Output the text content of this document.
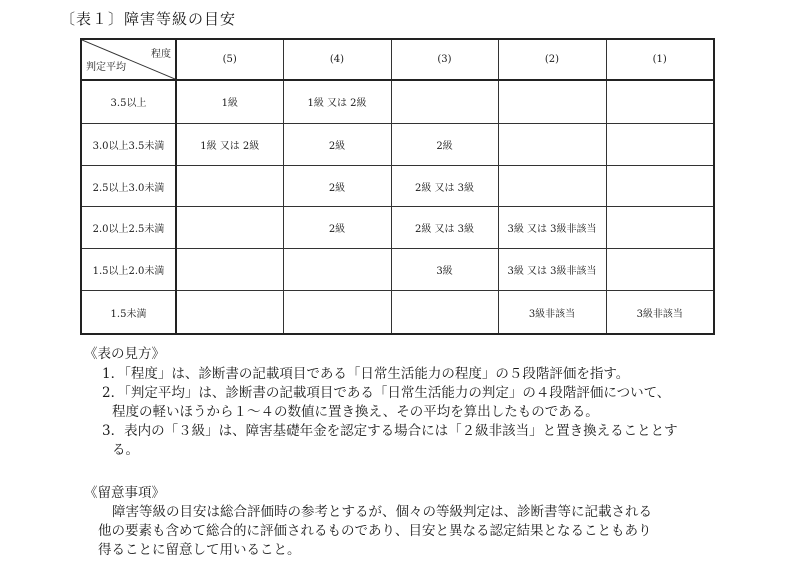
〔表１〕障害等級の目安
程度
判定平均	(5)	(4)	(3)	(2)	(1)
3.5以上	1級	1級 又は 2級			
3.0以上3.5未満	1級 又は 2級	2級	2級		
2.5以上3.0未満		2級	2級 又は 3級		
2.0以上2.5未満		2級	2級 又は 3級	3級 又は 3級非該当	
1.5以上2.0未満			3級	3級 又は 3級非該当	
1.5未満				3級非該当	3級非該当
《表の見方》
1．「程度」は、診断書の記載項目である「日常生活能力の程度」の５段階評価を指す。
2．「判定平均」は、診断書の記載項目である「日常生活能力の判定」の４段階評価について、
程度の軽いほうから１～４の数値に置き換え、その平均を算出したものである。
3．表内の「３級」は、障害基礎年金を認定する場合には「２級非該当」と置き換えることとす
る。
《留意事項》
障害等級の目安は総合評価時の参考とするが、個々の等級判定は、診断書等に記載される
他の要素も含めて総合的に評価されるものであり、目安と異なる認定結果となることもあり
得ることに留意して用いること。
